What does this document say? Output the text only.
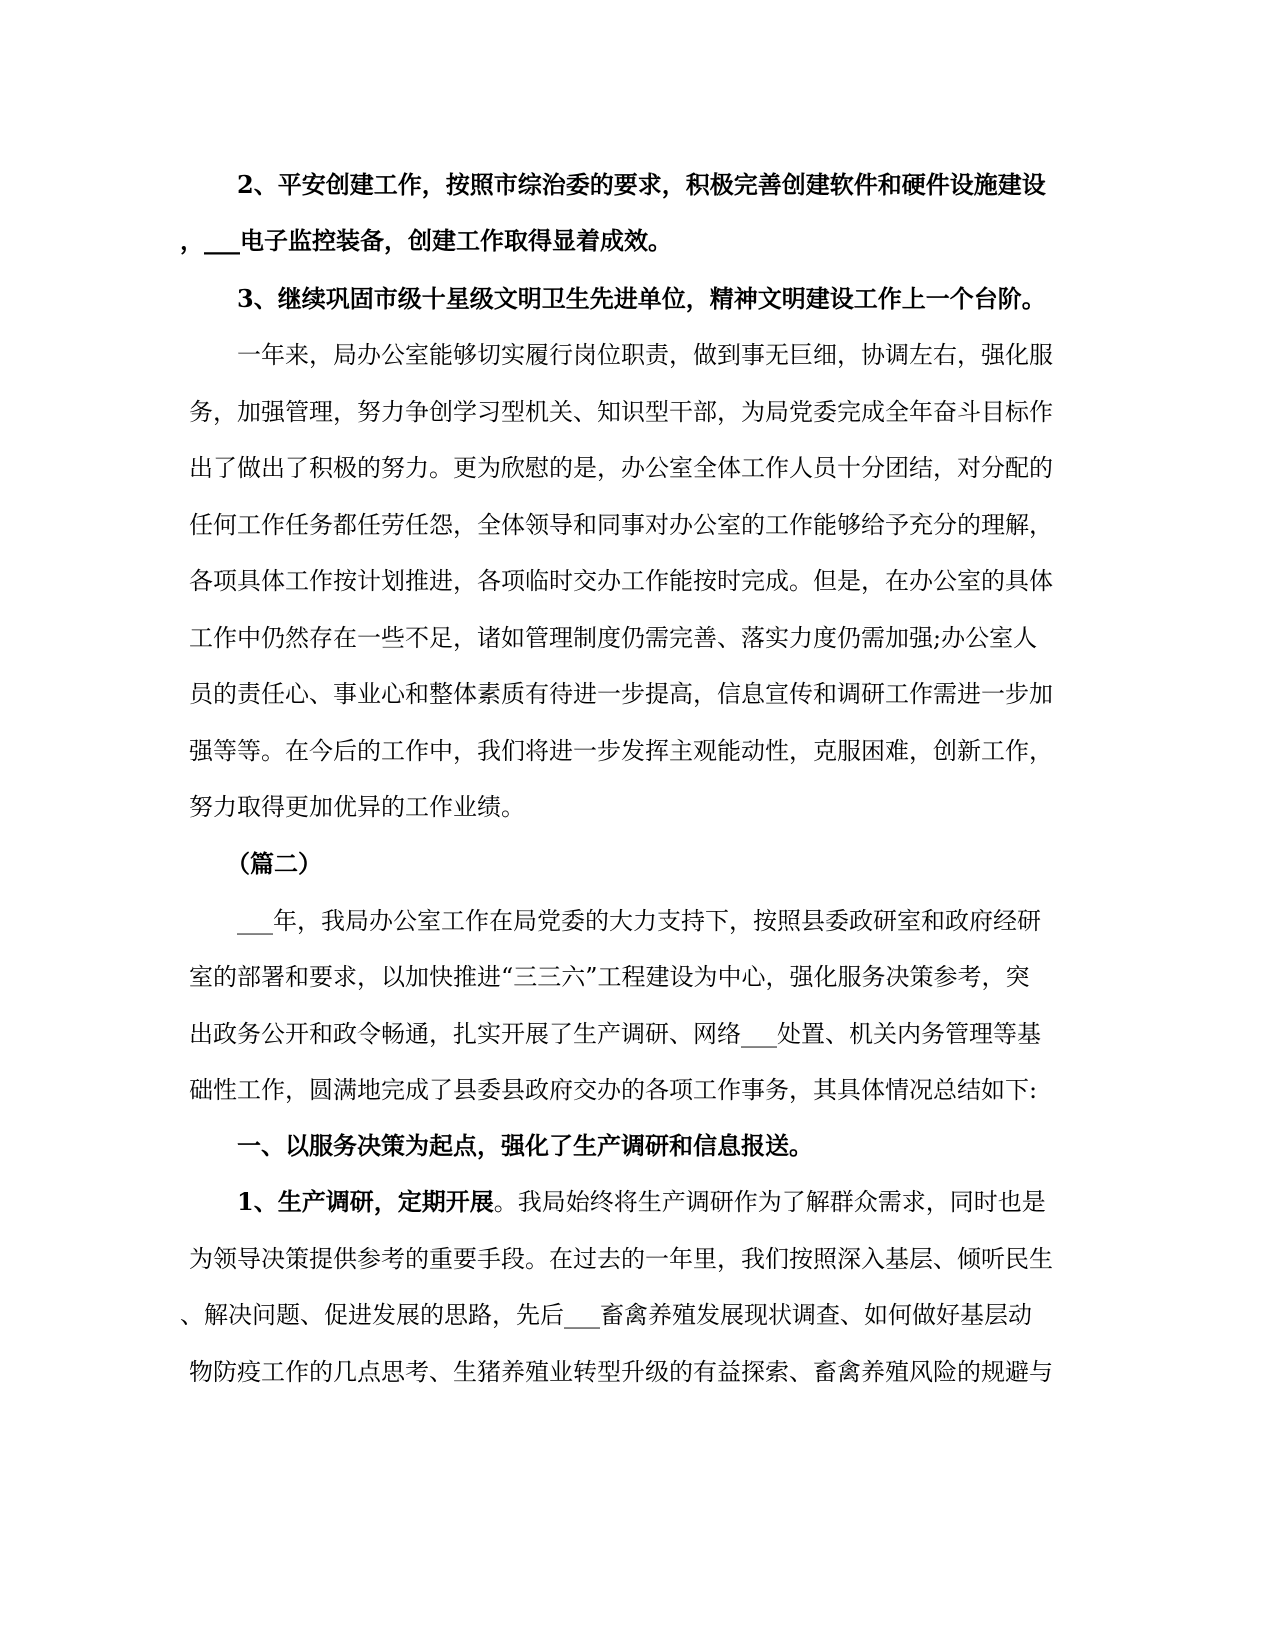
2、平安创建工作，按照市综治委的要求，积极完善创建软件和硬件设施建设
，___电子监控装备，创建工作取得显着成效。
3、继续巩固市级十星级文明卫生先进单位，精神文明建设工作上一个台阶。
一年来，局办公室能够切实履行岗位职责，做到事无巨细，协调左右，强化服
务，加强管理，努力争创学习型机关、知识型干部，为局党委完成全年奋斗目标作
出了做出了积极的努力。更为欣慰的是，办公室全体工作人员十分团结，对分配的
任何工作任务都任劳任怨，全体领导和同事对办公室的工作能够给予充分的理解，
各项具体工作按计划推进，各项临时交办工作能按时完成。但是，在办公室的具体
工作中仍然存在一些不足，诸如管理制度仍需完善、落实力度仍需加强;办公室人
员的责任心、事业心和整体素质有待进一步提高，信息宣传和调研工作需进一步加
强等等。在今后的工作中，我们将进一步发挥主观能动性，克服困难，创新工作，
努力取得更加优异的工作业绩。
（篇二）
___年，我局办公室工作在局党委的大力支持下，按照县委政研室和政府经研
室的部署和要求，以加快推进“三三六”工程建设为中心，强化服务决策参考，突
出政务公开和政令畅通，扎实开展了生产调研、网络___处置、机关内务管理等基
础性工作，圆满地完成了县委县政府交办的各项工作事务，其具体情况总结如下:
一、以服务决策为起点，强化了生产调研和信息报送。
1、生产调研，定期开展。我局始终将生产调研作为了解群众需求，同时也是
为领导决策提供参考的重要手段。在过去的一年里，我们按照深入基层、倾听民生
、解决问题、促进发展的思路，先后___畜禽养殖发展现状调查、如何做好基层动
物防疫工作的几点思考、生猪养殖业转型升级的有益探索、畜禽养殖风险的规避与
